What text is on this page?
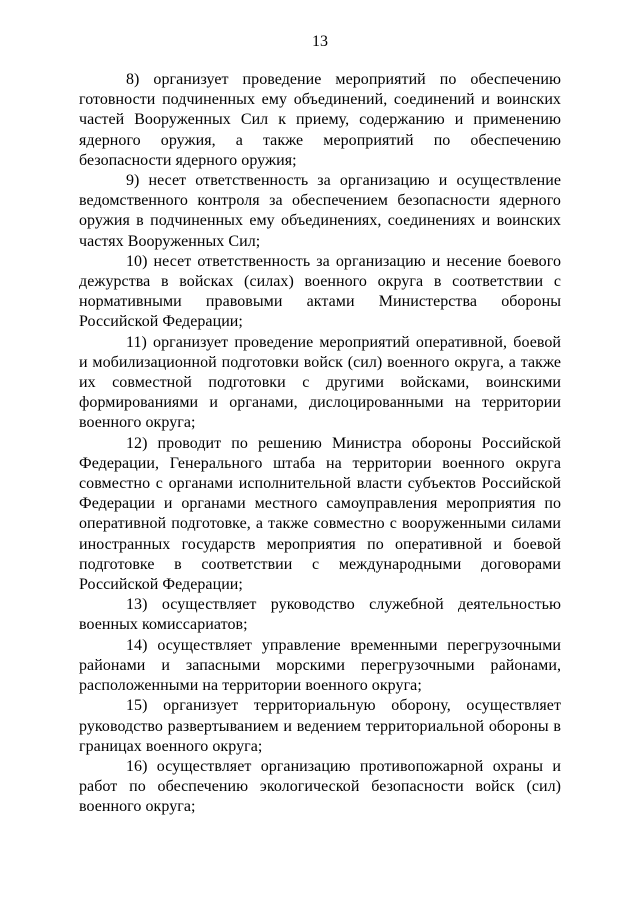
13

8) организует проведение мероприятий по обеспечению готовности подчиненных ему объединений, соединений и воинских частей Вооруженных Сил к приему, содержанию и применению ядерного оружия, а также мероприятий по обеспечению безопасности ядерного оружия;

9) несет ответственность за организацию и осуществление ведомственного контроля за обеспечением безопасности ядерного оружия в подчиненных ему объединениях, соединениях и воинских частях Вооруженных Сил;

10) несет ответственность за организацию и несение боевого дежурства в войсках (силах) военного округа в соответствии с нормативными правовыми актами Министерства обороны Российской Федерации;

11) организует проведение мероприятий оперативной, боевой и мобилизационной подготовки войск (сил) военного округа, а также их совместной подготовки с другими войсками, воинскими формированиями и органами, дислоцированными на территории военного округа;

12) проводит по решению Министра обороны Российской Федерации, Генерального штаба на территории военного округа совместно с органами исполнительной власти субъектов Российской Федерации и органами местного самоуправления мероприятия по оперативной подготовке, а также совместно с вооруженными силами иностранных государств мероприятия по оперативной и боевой подготовке в соответствии с международными договорами Российской Федерации;

13) осуществляет руководство служебной деятельностью военных комиссариатов;

14) осуществляет управление временными перегрузочными районами и запасными морскими перегрузочными районами, расположенными на территории военного округа;

15) организует территориальную оборону, осуществляет руководство развертыванием и ведением территориальной обороны в границах военного округа;

16) осуществляет организацию противопожарной охраны и работ по обеспечению экологической безопасности войск (сил) военного округа;
